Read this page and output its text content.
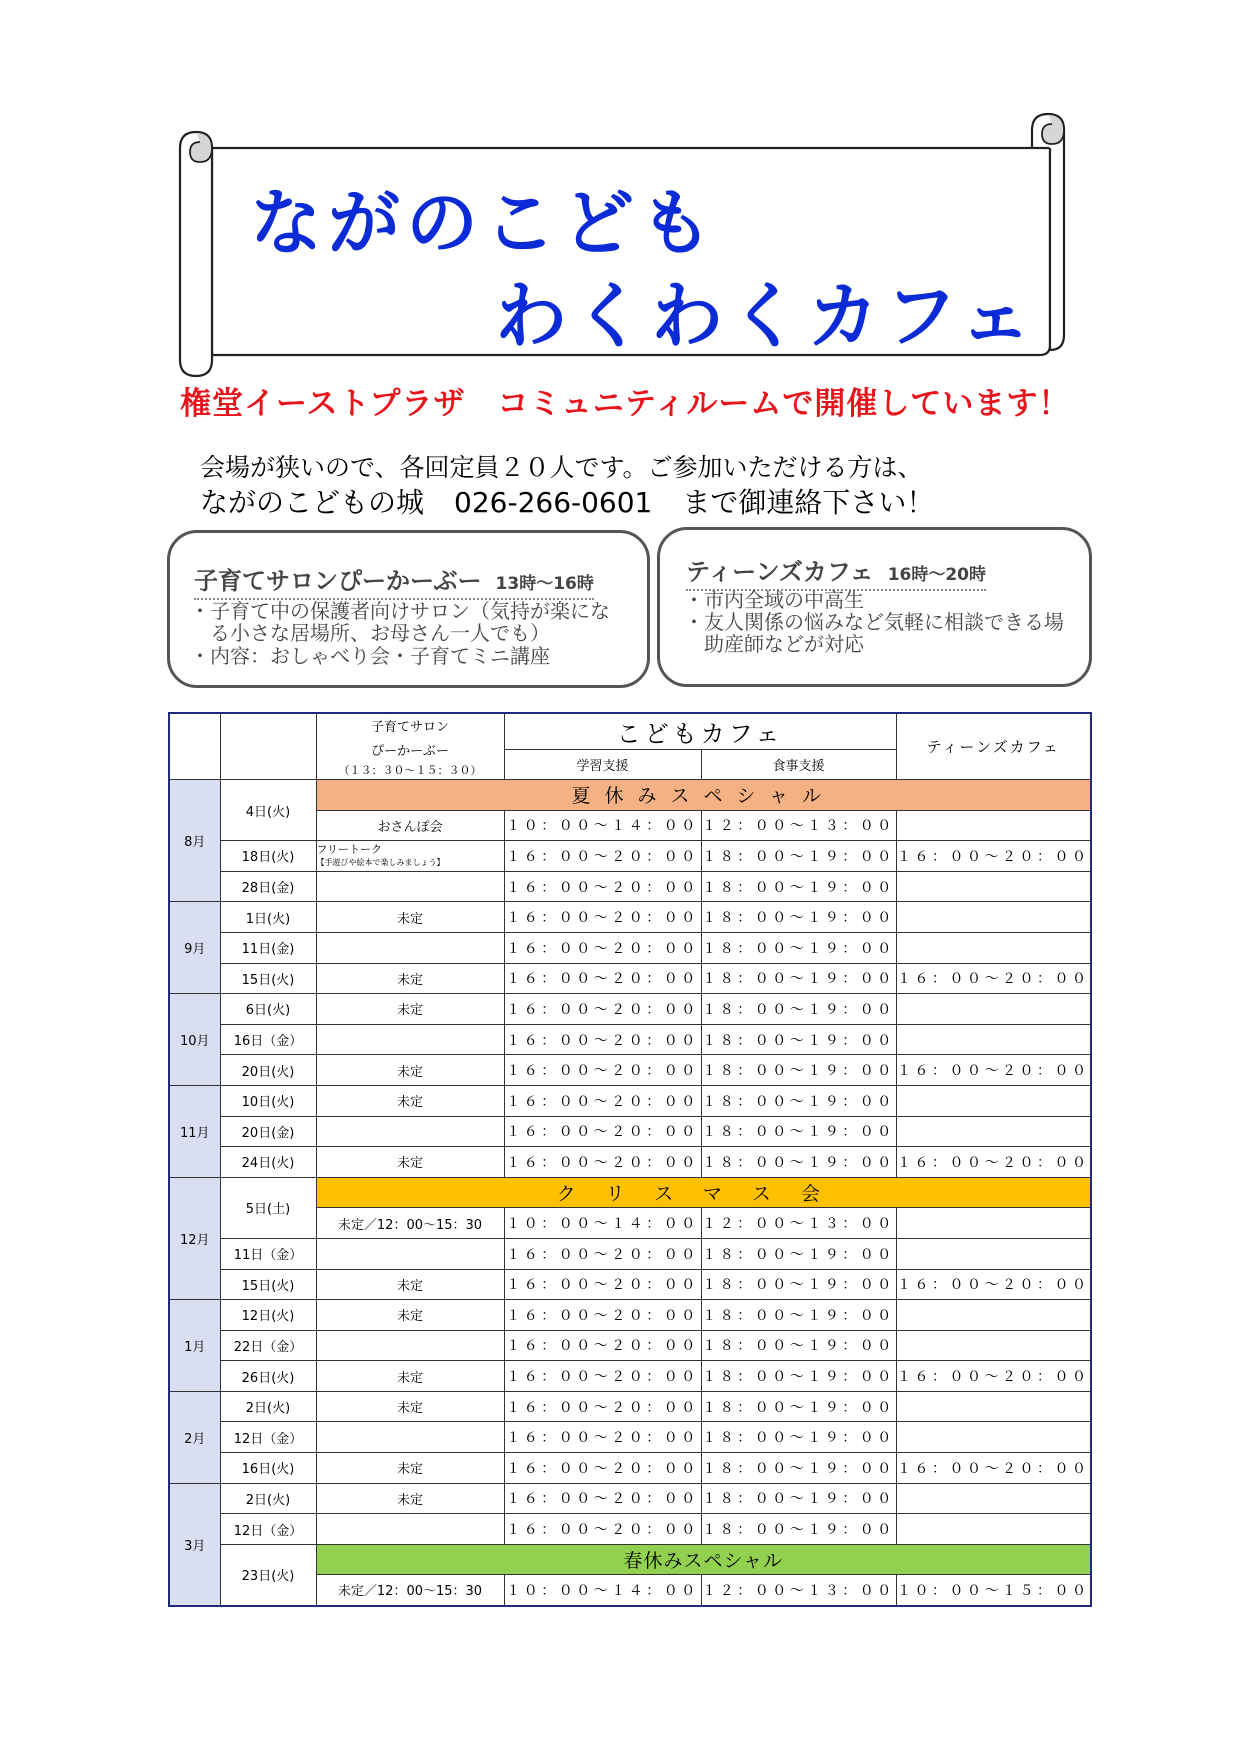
ながのこども
わくわくカフェ
権堂イーストプラザ　コミュニティルームで開催しています！
会場が狭いので、各回定員２０人です。ご参加いただける方は、
ながのこどもの城 026-266-0601 まで御連絡下さい！
子育てサロンぴーかーぶー 13時～16時
・子育て中の保護者向けサロン（気持が楽にな
　る小さな居場所、お母さん一人でも）
・内容：おしゃべり会・子育てミニ講座
ティーンズカフェ 16時～20時
・市内全域の中高生
・友人関係の悩みなど気軽に相談できる場
　助産師などが対応

		子育てサロン
ぴーかーぶー
（１３：３０～１５：３０）	こどもカフェ		ティーンズカフェ
			学習支援	食事支援	
8月	4日(火)	夏休みスペシャル			
		おさんぽ会	１０：００～１４：００	１２：００～１３：００	
	18日(火)	フリートーク
【手遊びや絵本で楽しみましょう】	１６：００～２０：００	１８：００～１９：００	１６：００～２０：００
	28日(金)		１６：００～２０：００	１８：００～１９：００	
9月	1日(火)	未定	１６：００～２０：００	１８：００～１９：００	
	11日(金)		１６：００～２０：００	１８：００～１９：００	
	15日(火)	未定	１６：００～２０：００	１８：００～１９：００	１６：００～２０：００
10月	6日(火)	未定	１６：００～２０：００	１８：００～１９：００	
	16日（金）		１６：００～２０：００	１８：００～１９：００	
	20日(火)	未定	１６：００～２０：００	１８：００～１９：００	１６：００～２０：００
11月	10日(火)	未定	１６：００～２０：００	１８：００～１９：００	
	20日(金)		１６：００～２０：００	１８：００～１９：００	
	24日(火)	未定	１６：００～２０：００	１８：００～１９：００	１６：００～２０：００
12月	5日(土)	クリスマス会			
		未定／12：00～15：30	１０：００～１４：００	１２：００～１３：００	
	11日（金）		１６：００～２０：００	１８：００～１９：００	
	15日(火)	未定	１６：００～２０：００	１８：００～１９：００	１６：００～２０：００
1月	12日(火)	未定	１６：００～２０：００	１８：００～１９：００	
	22日（金）		１６：００～２０：００	１８：００～１９：００	
	26日(火)	未定	１６：００～２０：００	１８：００～１９：００	１６：００～２０：００
2月	2日(火)	未定	１６：００～２０：００	１８：００～１９：００	
	12日（金）		１６：００～２０：００	１８：００～１９：００	
	16日(火)	未定	１６：００～２０：００	１８：００～１９：００	１６：００～２０：００
3月	2日(火)	未定	１６：００～２０：００	１８：００～１９：００	
	12日（金）		１６：００～２０：００	１８：００～１９：００	
	23日(火)	春休みスペシャル			
		未定／12：00～15：30	１０：００～１４：００	１２：００～１３：００	１０：００～１５：００
